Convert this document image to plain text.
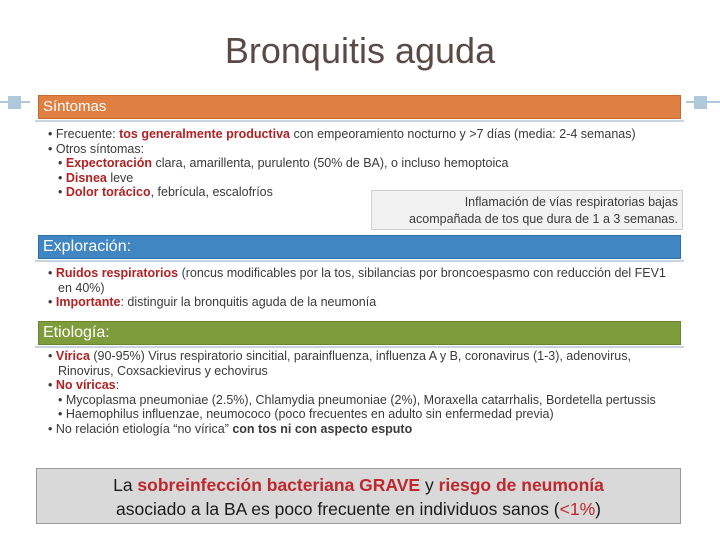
Bronquitis aguda
Síntomas

• Frecuente: tos generalmente productiva con empeoramiento nocturno y >7 días (media: 2-4 semanas)

• Otros síntomas:

• Expectoración clara, amarillenta, purulento (50% de BA), o incluso hemoptoica

• Disnea leve

• Dolor torácico, febrícula, escalofríos

Inflamación de vías respiratorias bajas
acompañada de tos que dura de 1 a 3 semanas.
Exploración:

• Ruidos respiratorios (roncus modificables por la tos, sibilancias por broncoespasmo con reducción del FEV1 en 40%)

• Importante: distinguir la bronquitis aguda de la neumonía

Etiología:

• Vírica (90-95%) Virus respiratorio sincitial, parainfluenza, influenza A y B, coronavirus (1-3), adenovirus, Rinovirus, Coxsackievirus y echovirus

• No víricas:

• Mycoplasma pneumoniae (2.5%), Chlamydia pneumoniae (2%), Moraxella catarrhalis, Bordetella pertussis

• Haemophilus influenzae, neumococo (poco frecuentes en adulto sin enfermedad previa)

• No relación etiología “no vírica” con tos ni con aspecto esputo

La sobreinfección bacteriana GRAVE y riesgo de neumonía
asociado a la BA es poco frecuente en individuos sanos (<1%)
